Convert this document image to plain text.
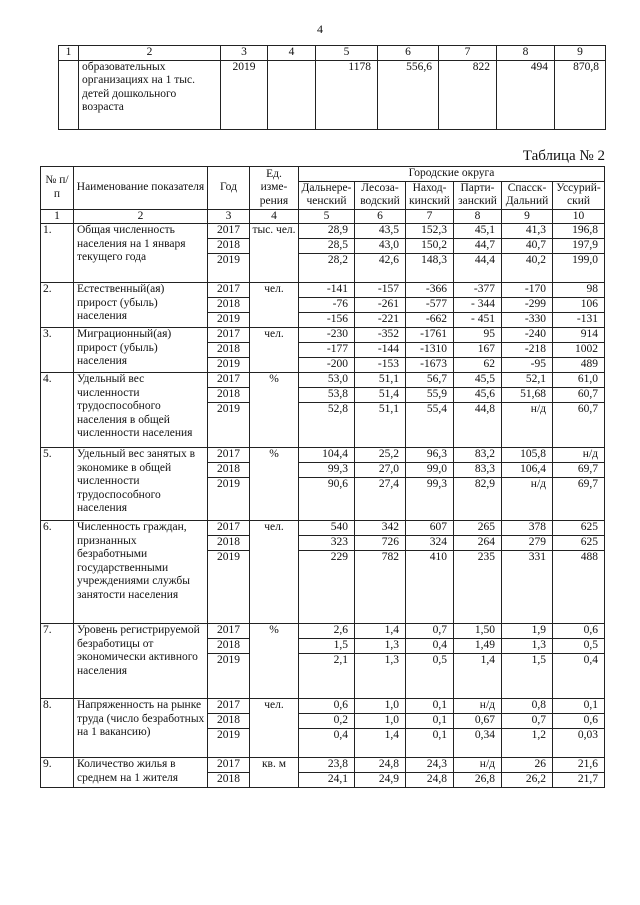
4
1	2	3	4	5	6	7	8	9
	образовательных организациях на 1 тыс. детей дошкольного возраста	2019		1178	556,6	822	494	870,8
Таблица № 2
№ п/п	Наименование показателя	Год	Ед. изме- рения	Городские округа					
				Дальнере- ченский	Лесоза- водский	Наход- кинский	Парти- занский	Спасск- Дальний	Уссурий- ский
1	2	3	4	5	6	7	8	9	10
1.	Общая численность населения на 1 января текущего года	2017	тыс. чел.	28,9	43,5	152,3	45,1	41,3	196,8
		2018		28,5	43,0	150,2	44,7	40,7	197,9
		2019		28,2	42,6	148,3	44,4	40,2	199,0
2.	Естественный(ая) прирост (убыль) населения	2017	чел.	-141	-157	-366	-377	-170	98
		2018		-76	-261	-577	- 344	-299	106
		2019		-156	-221	-662	- 451	-330	-131
3.	Миграционный(ая) прирост (убыль) населения	2017	чел.	-230	-352	-1761	95	-240	914
		2018		-177	-144	-1310	167	-218	1002
		2019		-200	-153	-1673	62	-95	489
4.	Удельный вес численности трудоспособного населения в общей численности населения	2017	%	53,0	51,1	56,7	45,5	52,1	61,0
		2018		53,8	51,4	55,9	45,6	51,68	60,7
		2019		52,8	51,1	55,4	44,8	н/д	60,7
5.	Удельный вес занятых в экономике в общей численности трудоспособного населения	2017	%	104,4	25,2	96,3	83,2	105,8	н/д
		2018		99,3	27,0	99,0	83,3	106,4	69,7
		2019		90,6	27,4	99,3	82,9	н/д	69,7
6.	Численность граждан, признанных безработными государственными учреждениями службы занятости населения	2017	чел.	540	342	607	265	378	625
		2018		323	726	324	264	279	625
		2019		229	782	410	235	331	488
7.	Уровень регистрируемой безработицы от экономически активного населения	2017	%	2,6	1,4	0,7	1,50	1,9	0,6
		2018		1,5	1,3	0,4	1,49	1,3	0,5
		2019		2,1	1,3	0,5	1,4	1,5	0,4
8.	Напряженность на рынке труда (число безработных на 1 вакансию)	2017	чел.	0,6	1,0	0,1	н/д	0,8	0,1
		2018		0,2	1,0	0,1	0,67	0,7	0,6
		2019		0,4	1,4	0,1	0,34	1,2	0,03
9.	Количество жилья в среднем на 1 жителя	2017	кв. м	23,8	24,8	24,3	н/д	26	21,6
		2018		24,1	24,9	24,8	26,8	26,2	21,7
